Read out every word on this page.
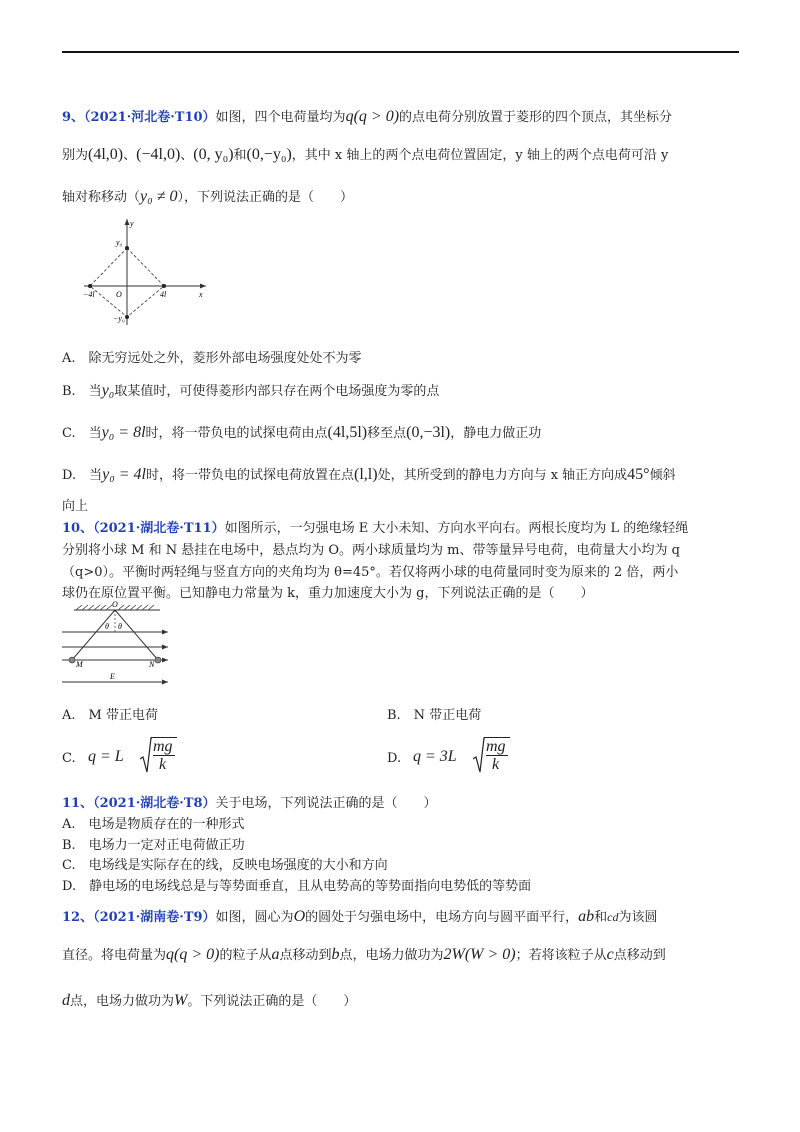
9、（2021·河北卷·T10）如图，四个电荷量均为q(q > 0)的点电荷分别放置于菱形的四个顶点，其坐标分
别为(4l,0)、(−4l,0)、(0, y₀)和(0,−y₀)，其中 x 轴上的两个点电荷位置固定，y 轴上的两个点电荷可沿 y
轴对称移动（y₀ ≠ 0），下列说法正确的是（　　）
y
x
O
y₀
−y₀
−4l	4l
A.　除无穷远处之外，菱形外部电场强度处处不为零
B.　当y₀取某值时，可使得菱形内部只存在两个电场强度为零的点
C.　当y₀ = 8l时，将一带负电的试探电荷由点(4l,5l)移至点(0,−3l)，静电力做正功
D.　当y₀ = 4l时，将一带负电的试探电荷放置在点(l,l)处，其所受到的静电力方向与 x 轴正方向成45°倾斜
向上
10、（2021·湖北卷·T11）如图所示，一匀强电场 E 大小未知、方向水平向右。两根长度均为 L 的绝缘轻绳
分别将小球 M 和 N 悬挂在电场中，悬点均为 O。两小球质量均为 m、带等量异号电荷，电荷量大小均为 q
（q>0）。平衡时两轻绳与竖直方向的夹角均为 θ=45°。若仅将两小球的电荷量同时变为原来的 2 倍，两小
球仍在原位置平衡。已知静电力常量为 k，重力加速度大小为 g，下列说法正确的是（　　）
O
θ θ
M	N
E
A.　M 带正电荷	B.　N 带正电荷
C. q = L
mg
k	D. q = 3L
mg
k
11、（2021·湖北卷·T8）关于电场，下列说法正确的是（　　）
A.　电场是物质存在的一种形式
B.　电场力一定对正电荷做正功
C.　电场线是实际存在的线，反映电场强度的大小和方向
D.　静电场的电场线总是与等势面垂直，且从电势高的等势面指向电势低的等势面
12、（2021·湖南卷·T9）如图，圆心为O的圆处于匀强电场中，电场方向与圆平面平行，ab和cd为该圆
直径。将电荷量为q(q > 0)的粒子从a点移动到b点，电场力做功为2W(W > 0)；若将该粒子从c点移动到
d点，电场力做功为W。下列说法正确的是（　　）
